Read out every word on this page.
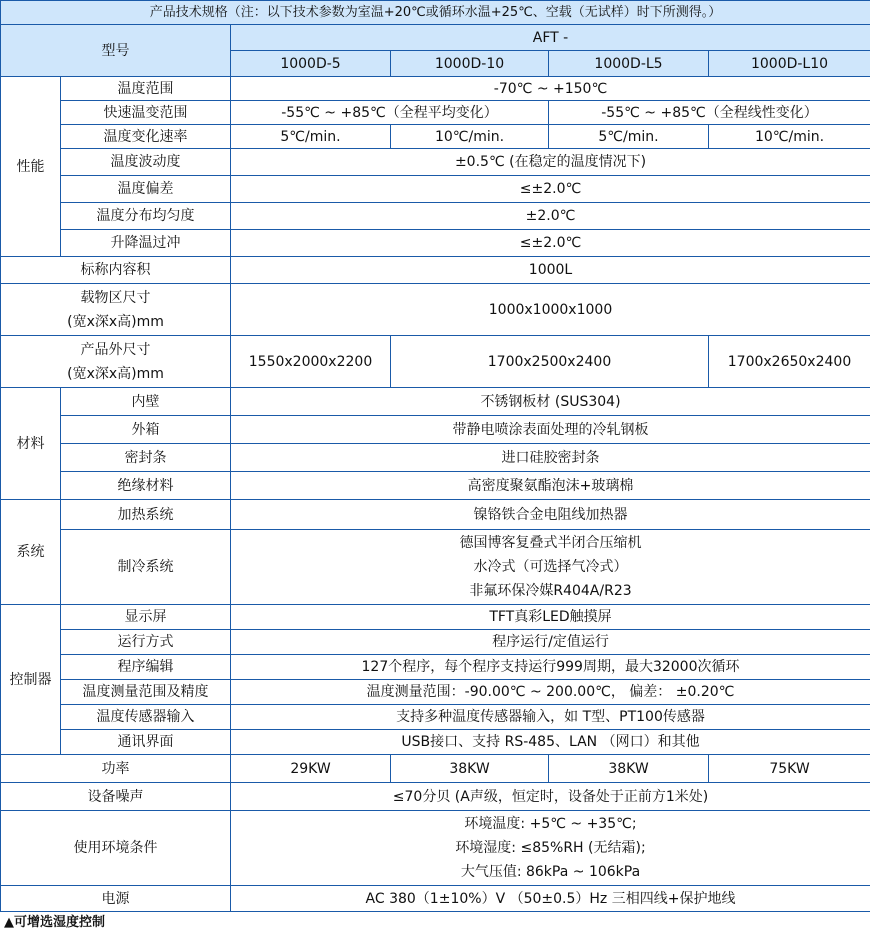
产品技术规格（注：以下技术参数为室温+20℃或循环水温+25℃、空载（无试样）时下所测得。）					
型号		AFT -			
		1000D-5	1000D-10	1000D-L5	1000D-L10
性能	温度范围	-70℃ ~ +150℃			
	快速温变范围	-55℃ ~ +85℃（全程平均变化）		-55℃ ~ +85℃（全程线性变化）	
	温度变化速率	5℃/min.	10℃/min.	5℃/min.	10℃/min.
	温度波动度	±0.5℃ (在稳定的温度情况下)			
	温度偏差	≤±2.0℃			
	温度分布均匀度	±2.0℃			
	升降温过冲	≤±2.0℃			
标称内容积		1000L			
载物区尺寸
(宽x深x高)mm		1000x1000x1000			
产品外尺寸
(宽x深x高)mm		1550x2000x2200	1700x2500x2400		1700x2650x2400
材料	内壁	不锈钢板材 (SUS304)			
	外箱	带静电喷涂表面处理的冷轧钢板			
	密封条	进口硅胶密封条			
	绝缘材料	高密度聚氨酯泡沫+玻璃棉			
系统	加热系统	镍铬铁合金电阻线加热器			
	制冷系统	德国博客复叠式半闭合压缩机
水冷式（可选择气冷式）
非氟环保冷媒R404A/R23			
控制器	显示屏	TFT真彩LED触摸屏			
	运行方式	程序运行/定值运行			
	程序编辑	127个程序，每个程序支持运行999周期，最大32000次循环			
	温度测量范围及精度	温度测量范围：-90.00℃ ~ 200.00℃， 偏差： ±0.20℃			
	温度传感器输入	支持多种温度传感器输入，如 T型、PT100传感器			
	通讯界面	USB接口、支持 RS-485、LAN （网口）和其他			
功率		29KW	38KW	38KW	75KW
设备噪声		≤70分贝 (A声级，恒定时，设备处于正前方1米处)			
使用环境条件		环境温度: +5℃ ~ +35℃;
环境湿度: ≤85%RH (无结霜);
大气压值: 86kPa ~ 106kPa			
电源		AC 380（1±10%）V （50±0.5）Hz 三相四线+保护地线			
▲可增选湿度控制
